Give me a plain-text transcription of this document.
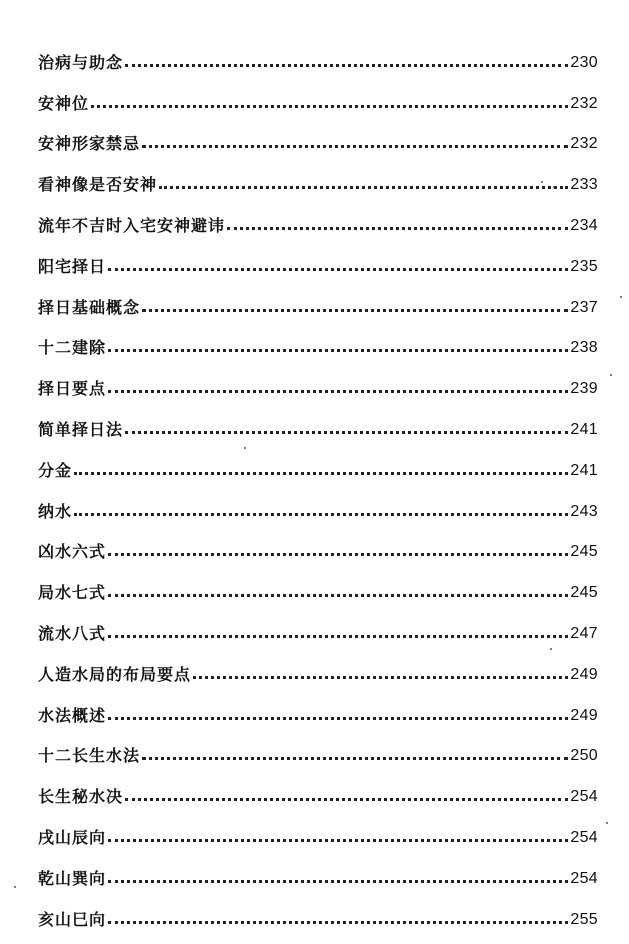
治病与助念	230
安神位	232
安神形家禁忌	232
看神像是否安神	233
流年不吉时入宅安神避讳	234
阳宅择日	235
择日基础概念	237
十二建除	238
择日要点	239
简单择日法	241
分金	241
纳水	243
凶水六式	245
局水七式	245
流水八式	247
人造水局的布局要点	249
水法概述	249
十二长生水法	250
长生秘水决	254
戌山辰向	254
乾山巽向	254
亥山巳向	255
